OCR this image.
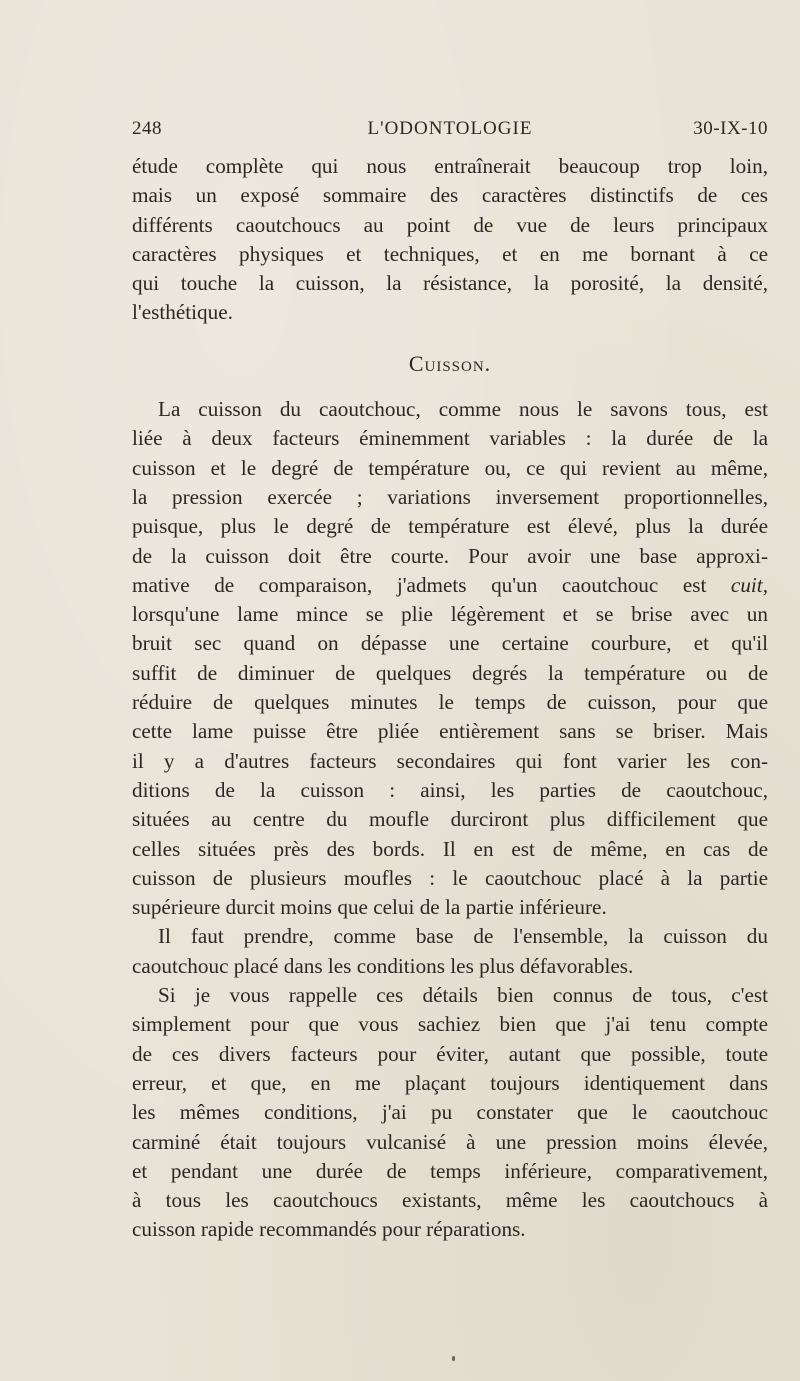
248	L'ODONTOLOGIE	30-IX-10
étude complète qui nous entraînerait beaucoup trop loin,
mais un exposé sommaire des caractères distinctifs de ces
différents caoutchoucs au point de vue de leurs principaux
caractères physiques et techniques, et en me bornant à ce
qui touche la cuisson, la résistance, la porosité, la densité,
l'esthétique.
Cuisson.
La cuisson du caoutchouc, comme nous le savons tous, est
liée à deux facteurs éminemment variables : la durée de la
cuisson et le degré de température ou, ce qui revient au même,
la pression exercée ; variations inversement proportionnelles,
puisque, plus le degré de température est élevé, plus la durée
de la cuisson doit être courte. Pour avoir une base approxi-
mative de comparaison, j'admets qu'un caoutchouc est cuit,
lorsqu'une lame mince se plie légèrement et se brise avec un
bruit sec quand on dépasse une certaine courbure, et qu'il
suffit de diminuer de quelques degrés la température ou de
réduire de quelques minutes le temps de cuisson, pour que
cette lame puisse être pliée entièrement sans se briser. Mais
il y a d'autres facteurs secondaires qui font varier les con-
ditions de la cuisson : ainsi, les parties de caoutchouc,
situées au centre du moufle durciront plus difficilement que
celles situées près des bords. Il en est de même, en cas de
cuisson de plusieurs moufles : le caoutchouc placé à la partie
supérieure durcit moins que celui de la partie inférieure.
Il faut prendre, comme base de l'ensemble, la cuisson du
caoutchouc placé dans les conditions les plus défavorables.
Si je vous rappelle ces détails bien connus de tous, c'est
simplement pour que vous sachiez bien que j'ai tenu compte
de ces divers facteurs pour éviter, autant que possible, toute
erreur, et que, en me plaçant toujours identiquement dans
les mêmes conditions, j'ai pu constater que le caoutchouc
carminé était toujours vulcanisé à une pression moins élevée,
et pendant une durée de temps inférieure, comparativement,
à tous les caoutchoucs existants, même les caoutchoucs à
cuisson rapide recommandés pour réparations.
